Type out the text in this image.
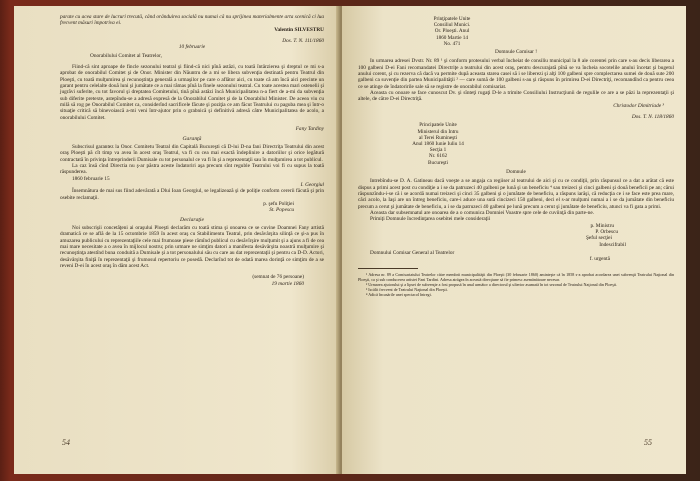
parate cu acea stare de lucruri trecută, când orânduirea socială nu numai că nu sprijinea materialmente arta scenică ci lua frecvent măsuri împotriva ei.

Valentin SILVESTRU

Dos. T. N. 111/1860

10 februarie

Onorabilului Comitet al Teatrelor,

Fiind-că sint aproape de fincle sezonului teatral şi fiind-că nici pînă astăzi, cu toată întârzierea şi dreptul ce mi s-a aprobat de onorabilul Comitet şi de Onor. Minister din Năuntru de a mi se libera subvenţia destinată pentru Teatrul din Ploeşti, cu toată mulţumirea şi recunoştinţa generală a urmaşilor pe care o aflător aici, cu toate că am încă aici precinte un garant pentru celelalte două luni şi jumătate ce a mai rămas pînă la finele sezonului teatral. Cu toate acestea mari ostenelii şi jugrăvi suferite, cu tot favorul şi dreptatea Comitetului, tină pînă astăzi încă Municipalitatea n-a fiert de a-mi da subvenţia sub diferite pretexte, astepîndu-se a adresă expresă de la Onorabilul Comitet şi de la Onorabilul Minister. De aceea viu cu milă să rog pe Onorabilul Comitet ca, considerînd sacrificele făcute şi poziţia ce am făcut Teatrului cu paguba mea şi într-o situaţie critică să binevoiască a-mi veni într-ajutor prin o grabnică şi definitivă adresă către Municipalitatea de acolo, a onorabilului Comitet.

Fany Tardiny

Garanţă

Subscrisul garantez la Onor. Comitetu Teatral din Capitală Bucureşti că D-lui D-na fani Directriţa Teatrului din acest oraş Ploeşti pă cît timp va avea în acest oraş Teatrul, va fi cu cea mai exactă îndeplinire a datoriilor şi orice legătură contractată în privinţa întreprinderii Dumisale cu tot personalul ce va fi în şi a reprezentaţii sau în mulţumirea a tot publicul.

La caz însă cînd Directia nu ş-ar păstra aceste îndatoriri aşa precum sînt reguble Teatrului voi fi cu supus la toată răspunderea.

1860 februarie 15

I. Georgiul

Însemnătura de mai sus fiind adevărată a Dlui Ioan Georgiul, se legalizează şi de poliţie conform cererii făcută şi prin osebite reclamaţii.

p. şefu Poliţiei

St. Popescu

Declaraţie

Noi subscrişii concetăţeni ai oraşului Ploeşti declarăm cu toată stima şi onoarea ce se cuvine Doamnei Fany artistă dramatică ce se află de la 15 octombrie 1859 în acest oraş cu Stabilimentu Teatral, prin desăvârşita silinţă ce şi-a pus în amuzarea publicului cu reprezentaţiile cele mai frumoase piese rămînd publicul cu desăvîrşire mulţumit şi a ajuns a fi de cea mai mare necesitate a o avea în mijlocul nostru; prin urmare ne simţim datori a manifesta desăvârşita noastră mulţumire şi recunoştinţa atestînd buna conduită a Dumisale şi a tot personalului său cu care au dat reprezentaţii şi pentru ca D-D. Actori, desăvârşita finiţă în reprezentaţii şi frumosul repertoriu ce posedă. Declarînd tot de odată marea dorinţă ce simţim de a se reveni D-ei în acest oraş în dăm acest Act.

(semnat de 76 persoane)

19 martie 1860

54
Prinţipatele Unite
Consiliul Munici.
Or. Ploeşti. Anul
1860 Martie 14
No. 471

Domnule Comisar !

In urmarea adresei Dvstr. Nr. 89 ¹ şi conform protesului verbal încheiat de consiliu municipal la 8 ale corentei prin care s-au decis liberarea a 100 galbeni D-ei Fani recomandatei Directriţe a teatrului din acest oraş, pentru descurajată pînă se va încheia socotelile anului încetat şi bugetul anului corent, şi cu rezerva că dacă va permite după aceasta starea casei să i se liberezi şi alţi 100 galbeni spre complectarea sumei de două sute 200 galbeni ca suvenţie din partea Municipalităţii ² — care sumă de 100 galbeni s-au şi răspuns în primirea D-ei Directriţi, recomandînd ca pentru ceea ce se atinge de îndatoririle sale să se registre de onorabilul comisariat.

Aceasta cu onoare se face cunoscut Dv. şi sînteţi rugaţi D-le a trimite Consiliului Instrucţiunii de regulile ce are a se păzi la reprezentaţii şi altele, de către D-ei Directriţă.

Christodor Dimitriade ³

Dos. T. N. 118/1860

Principatele Unite
Ministerul din Intru
al Terei Rumineşti
Anul 1860 Iunie Iuliu 14
Secţia 1
Nr. 6162
Bucureşti

Domnule

Intrebîndu-se D. A. Gatineau dacă voeşte a se angaja ca regiiser al teatrului de aici şi cu ce condiţii, prin răspunsul ce a dat a arătat că este dispus a primi acest post cu condiţie a i se da patruzeci 40 galbeni pe lună şi un beneficiu ⁴ sau treizeci şi cinci galbeni şi două beneficii pe an; cărui răspunzîndu-i-se că i se acordă numai treizeci şi cinci 35 galbeni şi o jumătate de beneficiu, a răspuns iarăşi, că reducţia ce i se face este prea mare, căci acolo, la Iaşi are un întreg beneficiu, care-i aduce una sută cincizeci 150 galbeni, deci el s-ar mulţumi numai a i se da jumătate din beneficiu precum a cerut şi jumătate de beneficiu, a i se da patruzeci 40 galbeni pe lună precum a cerut şi jumătate de beneficiu, atunci va fi gata a primi.

Aceasta dar subsemnatul are onoarea de a o comunica Domniei Voastre spre cele de cuviinţă din parte-ne.

Primiţi Domnule încredinţarea osebitei mele consideraţii

p. Ministru

P. Orbescu

Şeful secţiei

Indescifrabil

Domnului Comisar General al Teatrelor

f. urgentă

¹ Adresa nr. 89 a Comisariatului Teatrelor către membrii municipalităţii din Ploeşti (30 februarie 1860) aminteşte că în 1858 s-a aprobat acordarea unei subvenţii Teatrului Naţional din Ploeşti, ca şi sub conducerea artistei Fani Tardini. Adresa atrăgea în această direcţiune să fie primesc asemănătoare necesar.

² Urmarea ajutorului şi a lipsei de subvenţie a fost propusă în anul următor a directorul şi ulterior asumată în tot sezonul de Teatrului Naţional din Ploeşti.

³ Iscălit frecvent de Teatrului Naţional din Ploeşti.

⁴ Adică încasările unei spectacol întregi.

55
